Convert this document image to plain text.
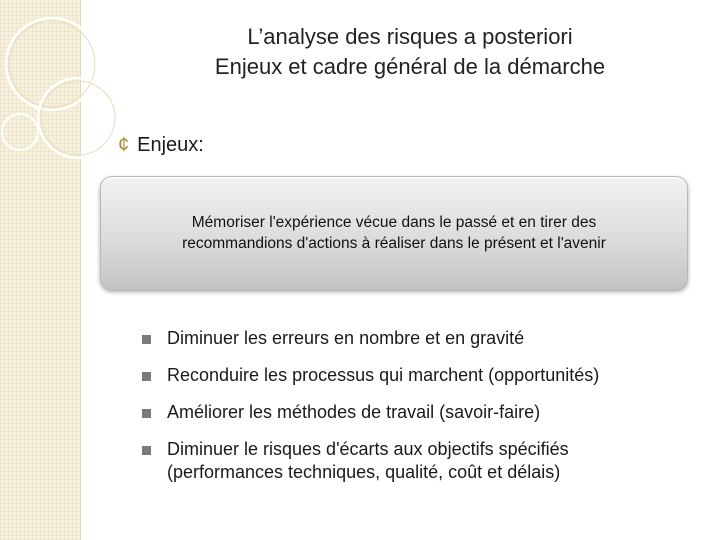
L’analyse des risques a posteriori
Enjeux et cadre général de la démarche
¢ Enjeux:
Mémoriser l'expérience vécue dans le passé et en tirer des
recommandions d'actions à réaliser dans le présent et l'avenir
Diminuer les erreurs en nombre et en gravité
Reconduire les processus qui marchent (opportunités)
Améliorer les méthodes de travail (savoir-faire)
Diminuer le risques d'écarts aux objectifs spécifiés
(performances techniques, qualité, coût et délais)
